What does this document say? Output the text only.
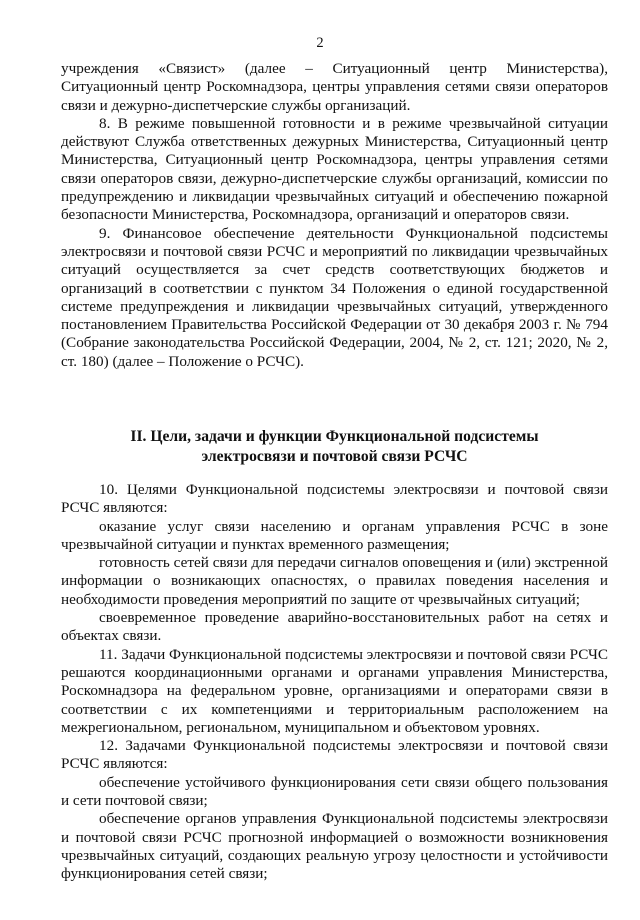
2

учреждения «Связист» (далее – Ситуационный центр Министерства), Ситуационный центр Роскомнадзора, центры управления сетями связи операторов связи и дежурно-диспетчерские службы организаций.

8. В режиме повышенной готовности и в режиме чрезвычайной ситуации действуют Служба ответственных дежурных Министерства, Ситуационный центр Министерства, Ситуационный центр Роскомнадзора, центры управления сетями связи операторов связи, дежурно-диспетчерские службы организаций, комиссии по предупреждению и ликвидации чрезвычайных ситуаций и обеспечению пожарной безопасности Министерства, Роскомнадзора, организаций и операторов связи.

9. Финансовое обеспечение деятельности Функциональной подсистемы электросвязи и почтовой связи РСЧС и мероприятий по ликвидации чрезвычайных ситуаций осуществляется за счет средств соответствующих бюджетов и организаций в соответствии с пунктом 34 Положения о единой государственной системе предупреждения и ликвидации чрезвычайных ситуаций, утвержденного постановлением Правительства Российской Федерации от 30 декабря 2003 г. № 794 (Собрание законодательства Российской Федерации, 2004, № 2, ст. 121; 2020, № 2, ст. 180) (далее – Положение о РСЧС).

II. Цели, задачи и функции Функциональной подсистемы
электросвязи и почтовой связи РСЧС

10. Целями Функциональной подсистемы электросвязи и почтовой связи РСЧС являются:

оказание услуг связи населению и органам управления РСЧС в зоне чрезвычайной ситуации и пунктах временного размещения;

готовность сетей связи для передачи сигналов оповещения и (или) экстренной информации о возникающих опасностях, о правилах поведения населения и необходимости проведения мероприятий по защите от чрезвычайных ситуаций;

своевременное проведение аварийно-восстановительных работ на сетях и объектах связи.

11. Задачи Функциональной подсистемы электросвязи и почтовой связи РСЧС решаются координационными органами и органами управления Министерства, Роскомнадзора на федеральном уровне, организациями и операторами связи в соответствии с их компетенциями и территориальным расположением на межрегиональном, региональном, муниципальном и объектовом уровнях.

12. Задачами Функциональной подсистемы электросвязи и почтовой связи РСЧС являются:

обеспечение устойчивого функционирования сети связи общего пользования и сети почтовой связи;

обеспечение органов управления Функциональной подсистемы электросвязи и почтовой связи РСЧС прогнозной информацией о возможности возникновения чрезвычайных ситуаций, создающих реальную угрозу целостности и устойчивости функционирования сетей связи;
